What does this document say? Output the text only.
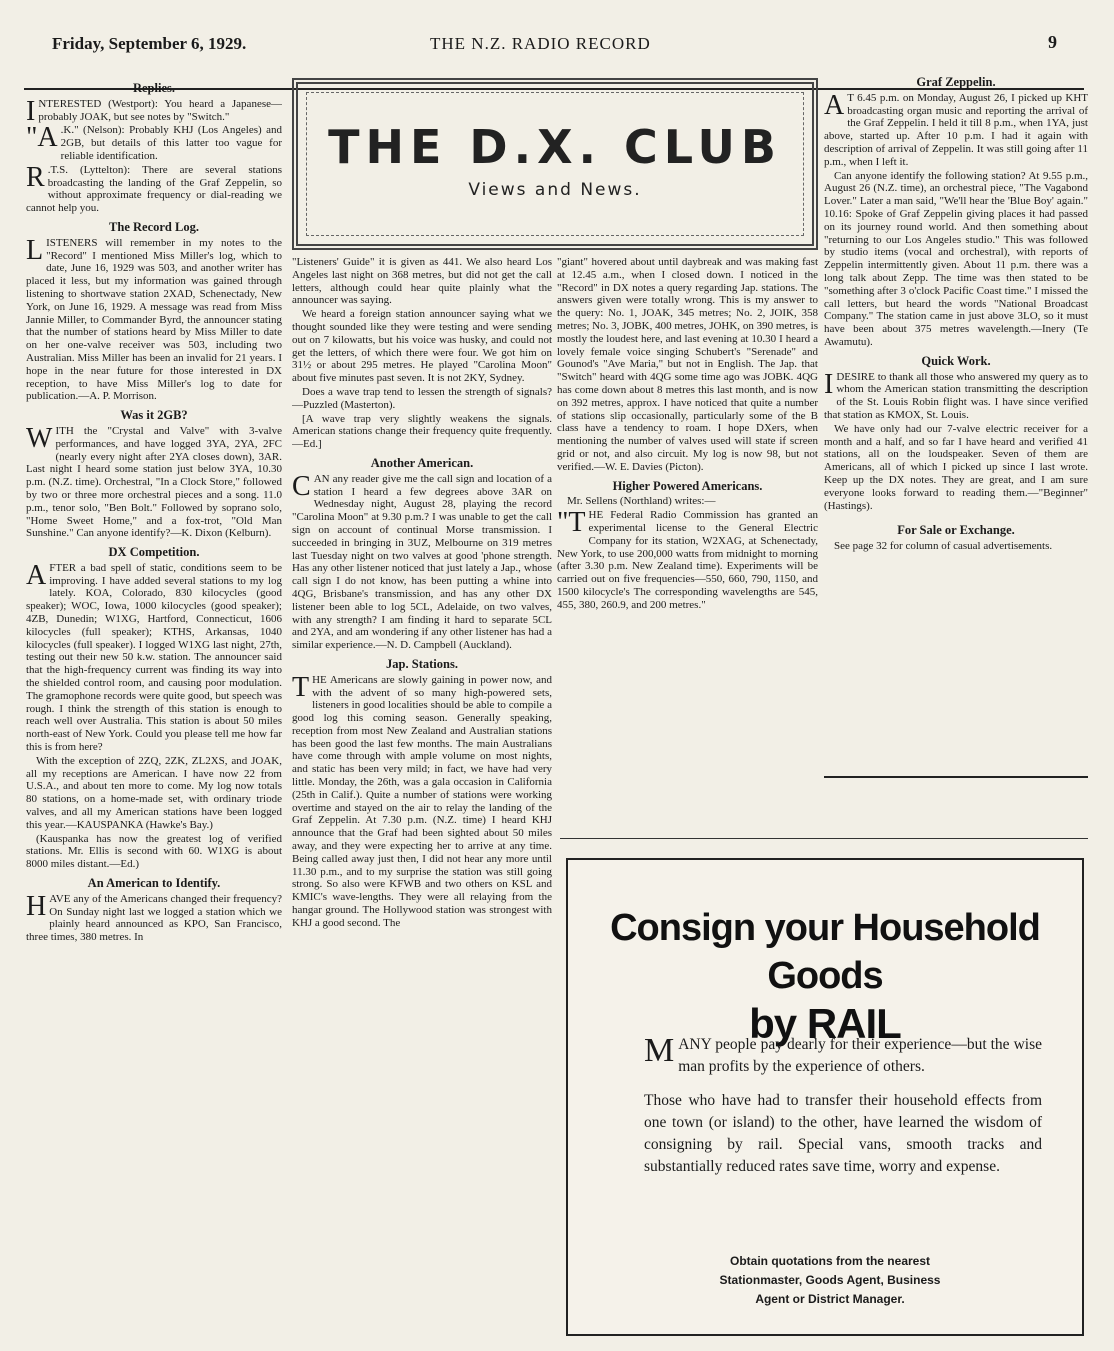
Friday, September 6, 1929.	THE N.Z. RADIO RECORD	9
Replies.

INTERESTED (Westport): You heard a Japanese—probably JOAK, but see notes by "Switch."

"A .K." (Nelson): Probably KHJ (Los Angeles) and 2GB, but details of this latter too vague for reliable identification.

R .T.S. (Lyttelton): There are several stations broadcasting the landing of the Graf Zeppelin, so without approximate frequency or dial-reading we cannot help you.

The Record Log.

LISTENERS will remember in my notes to the "Record" I mentioned Miss Miller's log, which to date, June 16, 1929 was 503, and another writer has placed it less, but my information was gained through listening to shortwave station 2XAD, Schenectady, New York, on June 16, 1929. A message was read from Miss Jannie Miller, to Commander Byrd, the announcer stating that the number of stations heard by Miss Miller to date on her one-valve receiver was 503, including two Australian. Miss Miller has been an invalid for 21 years. I hope in the near future for those interested in DX reception, to have Miss Miller's log to date for publication.—A. P. Morrison.

Was it 2GB?

WITH the "Crystal and Valve" with 3-valve performances, and have logged 3YA, 2YA, 2FC (nearly every night after 2YA closes down), 3AR. Last night I heard some station just below 3YA, 10.30 p.m. (N.Z. time). Orchestral, "In a Clock Store," followed by two or three more orchestral pieces and a song. 11.0 p.m., tenor solo, "Ben Bolt." Followed by soprano solo, "Home Sweet Home," and a fox-trot, "Old Man Sunshine." Can anyone identify?—K. Dixon (Kelburn).

DX Competition.

AFTER a bad spell of static, conditions seem to be improving. I have added several stations to my log lately. KOA, Colorado, 830 kilocycles (good speaker); WOC, Iowa, 1000 kilocycles (good speaker); 4ZB, Dunedin; W1XG, Hartford, Connecticut, 1606 kilocycles (full speaker); KTHS, Arkansas, 1040 kilocycles (full speaker). I logged W1XG last night, 27th, testing out their new 50 k.w. station. The announcer said that the high-frequency current was finding its way into the shielded control room, and causing poor modulation. The gramophone records were quite good, but speech was rough. I think the strength of this station is enough to reach well over Australia. This station is about 50 miles north-east of New York. Could you please tell me how far this is from here?

With the exception of 2ZQ, 2ZK, ZL2XS, and JOAK, all my receptions are American. I have now 22 from U.S.A., and about ten more to come. My log now totals 80 stations, on a home-made set, with ordinary triode valves, and all my American stations have been logged this year.—KAUSPANKA (Hawke's Bay.)

(Kauspanka has now the greatest log of verified stations. Mr. Ellis is second with 60. W1XG is about 8000 miles distant.—Ed.)

An American to Identify.

HAVE any of the Americans changed their frequency? On Sunday night last we logged a station which we plainly heard announced as KPO, San Francisco, three times, 380 metres. In

THE D.X. CLUB
Views and News.

"Listeners' Guide" it is given as 441. We also heard Los Angeles last night on 368 metres, but did not get the call letters, although could hear quite plainly what the announcer was saying.

We heard a foreign station announcer saying what we thought sounded like they were testing and were sending out on 7 kilowatts, but his voice was husky, and could not get the letters, of which there were four. We got him on 31½ or about 295 metres. He played "Carolina Moon" about five minutes past seven. It is not 2KY, Sydney.

Does a wave trap tend to lessen the strength of signals?—Puzzled (Masterton).

[A wave trap very slightly weakens the signals. American stations change their frequency quite frequently.—Ed.]

Another American.

CAN any reader give me the call sign and location of a station I heard a few degrees above 3AR on Wednesday night, August 28, playing the record "Carolina Moon" at 9.30 p.m.? I was unable to get the call sign on account of continual Morse transmission. I succeeded in bringing in 3UZ, Melbourne on 319 metres last Tuesday night on two valves at good 'phone strength. Has any other listener noticed that just lately a Jap., whose call sign I do not know, has been putting a whine into 4QG, Brisbane's transmission, and has any other DX listener been able to log 5CL, Adelaide, on two valves, with any strength? I am finding it hard to separate 5CL and 2YA, and am wondering if any other listener has had a similar experience.—N. D. Campbell (Auckland).

Jap. Stations.

THE Americans are slowly gaining in power now, and with the advent of so many high-powered sets, listeners in good localities should be able to compile a good log this coming season. Generally speaking, reception from most New Zealand and Australian stations has been good the last few months. The main Australians have come through with ample volume on most nights, and static has been very mild; in fact, we have had very little. Monday, the 26th, was a gala occasion in California (25th in Calif.). Quite a number of stations were working overtime and stayed on the air to relay the landing of the Graf Zeppelin. At 7.30 p.m. (N.Z. time) I heard KHJ announce that the Graf had been sighted about 50 miles away, and they were expecting her to arrive at any time. Being called away just then, I did not hear any more until 11.30 p.m., and to my surprise the station was still going strong. So also were KFWB and two others on KSL and KMIC's wave-lengths. They were all relaying from the hangar ground. The Hollywood station was strongest with KHJ a good second. The

"giant" hovered about until daybreak and was making fast at 12.45 a.m., when I closed down. I noticed in the "Record" in DX notes a query regarding Jap. stations. The answers given were totally wrong. This is my answer to the query: No. 1, JOAK, 345 metres; No. 2, JOIK, 358 metres; No. 3, JOBK, 400 metres, JOHK, on 390 metres, is mostly the loudest here, and last evening at 10.30 I heard a lovely female voice singing Schubert's "Serenade" and Gounod's "Ave Maria," but not in English. The Jap. that "Switch" heard with 4QG some time ago was JOBK. 4QG has come down about 8 metres this last month, and is now on 392 metres, approx. I have noticed that quite a number of stations slip occasionally, particularly some of the B class have a tendency to roam. I hope DXers, when mentioning the number of valves used will state if screen grid or not, and also circuit. My log is now 98, but not verified.—W. E. Davies (Picton).

Higher Powered Americans.

Mr. Sellens (Northland) writes:—

"THE Federal Radio Commission has granted an experimental license to the General Electric Company for its station, W2XAG, at Schenectady, New York, to use 200,000 watts from midnight to morning (after 3.30 p.m. New Zealand time). Experiments will be carried out on five frequencies—550, 660, 790, 1150, and 1500 kilocycle's The corresponding wavelengths are 545, 455, 380, 260.9, and 200 metres."

Graf Zeppelin.

A T 6.45 p.m. on Monday, August 26, I picked up KHT broadcasting organ music and reporting the arrival of the Graf Zeppelin. I held it till 8 p.m., when 1YA, just above, started up. After 10 p.m. I had it again with description of arrival of Zeppelin. It was still going after 11 p.m., when I left it.

Can anyone identify the following station? At 9.55 p.m., August 26 (N.Z. time), an orchestral piece, "The Vagabond Lover." Later a man said, "We'll hear the 'Blue Boy' again." 10.16: Spoke of Graf Zeppelin giving places it had passed on its journey round world. And then something about "returning to our Los Angeles studio." This was followed by studio items (vocal and orchestral), with reports of Zeppelin intermittently given. About 11 p.m. there was a long talk about Zepp. The time was then stated to be "something after 3 o'clock Pacific Coast time." I missed the call letters, but heard the words "National Broadcast Company." The station came in just above 3LO, so it must have been about 375 metres wavelength.—Inery (Te Awamutu).

Quick Work.

IDESIRE to thank all those who answered my query as to whom the American station transmitting the description of the St. Louis Robin flight was. I have since verified that station as KMOX, St. Louis.

We have only had our 7-valve electric receiver for a month and a half, and so far I have heard and verified 41 stations, all on the loudspeaker. Seven of them are Americans, all of which I picked up since I last wrote. Keep up the DX notes. They are great, and I am sure everyone looks forward to reading them.—"Beginner" (Hastings).

For Sale or Exchange.

See page 32 for column of casual advertisements.

Consign your Household Goods
by RAIL

MANY people pay dearly for their experience—but the wise man profits by the experience of others.

Those who have had to transfer their household effects from one town (or island) to the other, have learned the wisdom of consigning by rail. Special vans, smooth tracks and substantially reduced rates save time, worry and expense.

Obtain quotations from the nearest
Stationmaster, Goods Agent, Business
Agent or District Manager.
